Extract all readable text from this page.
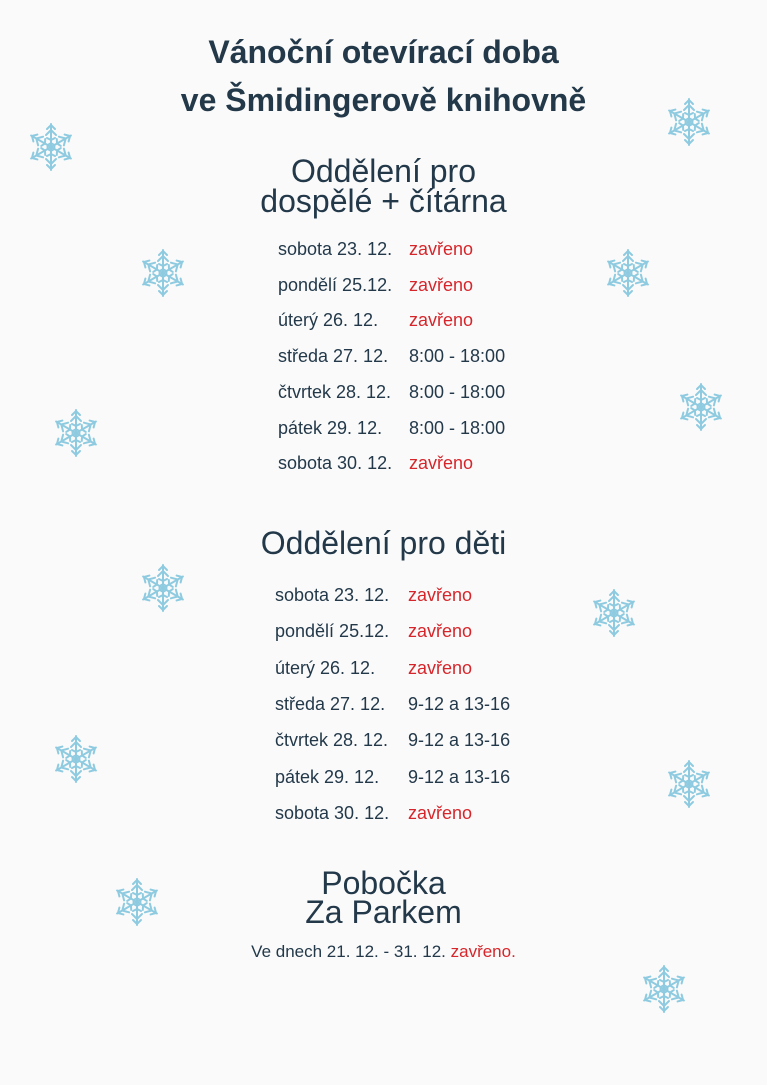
Vánoční otevírací doba
ve Šmidingerově knihovně
Oddělení pro
dospělé + čítárna
sobota 23. 12. zavřeno
pondělí 25.12. zavřeno
úterý 26. 12. zavřeno
středa 27. 12. 8:00 - 18:00
čtvrtek 28. 12. 8:00 - 18:00
pátek 29. 12. 8:00 - 18:00
sobota 30. 12. zavřeno
Oddělení pro děti
sobota 23. 12. zavřeno
pondělí 25.12. zavřeno
úterý 26. 12. zavřeno
středa 27. 12. 9-12 a 13-16
čtvrtek 28. 12. 9-12 a 13-16
pátek 29. 12. 9-12 a 13-16
sobota 30. 12. zavřeno
Pobočka
Za Parkem
Ve dnech 21. 12. - 31. 12. zavřeno.
